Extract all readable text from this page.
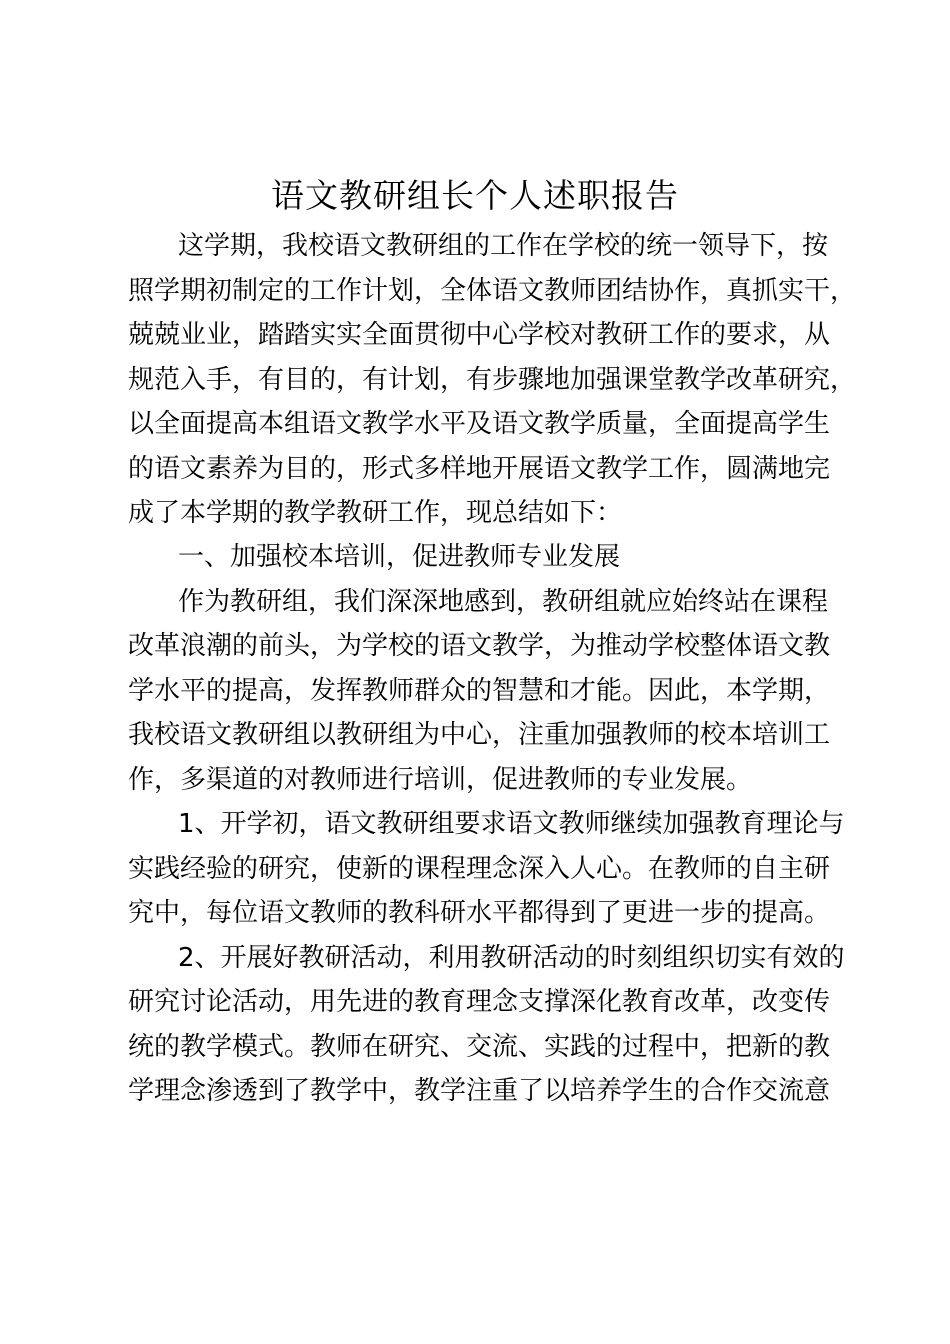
语文教研组长个人述职报告
这学期，我校语文教研组的工作在学校的统一领导下，按
照学期初制定的工作计划，全体语文教师团结协作，真抓实干，
兢兢业业，踏踏实实全面贯彻中心学校对教研工作的要求，从
规范入手，有目的，有计划，有步骤地加强课堂教学改革研究，
以全面提高本组语文教学水平及语文教学质量，全面提高学生
的语文素养为目的，形式多样地开展语文教学工作，圆满地完
成了本学期的教学教研工作，现总结如下：
一、加强校本培训，促进教师专业发展
作为教研组，我们深深地感到，教研组就应始终站在课程
改革浪潮的前头，为学校的语文教学，为推动学校整体语文教
学水平的提高，发挥教师群众的智慧和才能。因此，本学期，
我校语文教研组以教研组为中心，注重加强教师的校本培训工
作，多渠道的对教师进行培训，促进教师的专业发展。
1、开学初，语文教研组要求语文教师继续加强教育理论与
实践经验的研究，使新的课程理念深入人心。在教师的自主研
究中，每位语文教师的教科研水平都得到了更进一步的提高。
2、开展好教研活动，利用教研活动的时刻组织切实有效的
研究讨论活动，用先进的教育理念支撑深化教育改革，改变传
统的教学模式。教师在研究、交流、实践的过程中，把新的教
学理念渗透到了教学中，教学注重了以培养学生的合作交流意
